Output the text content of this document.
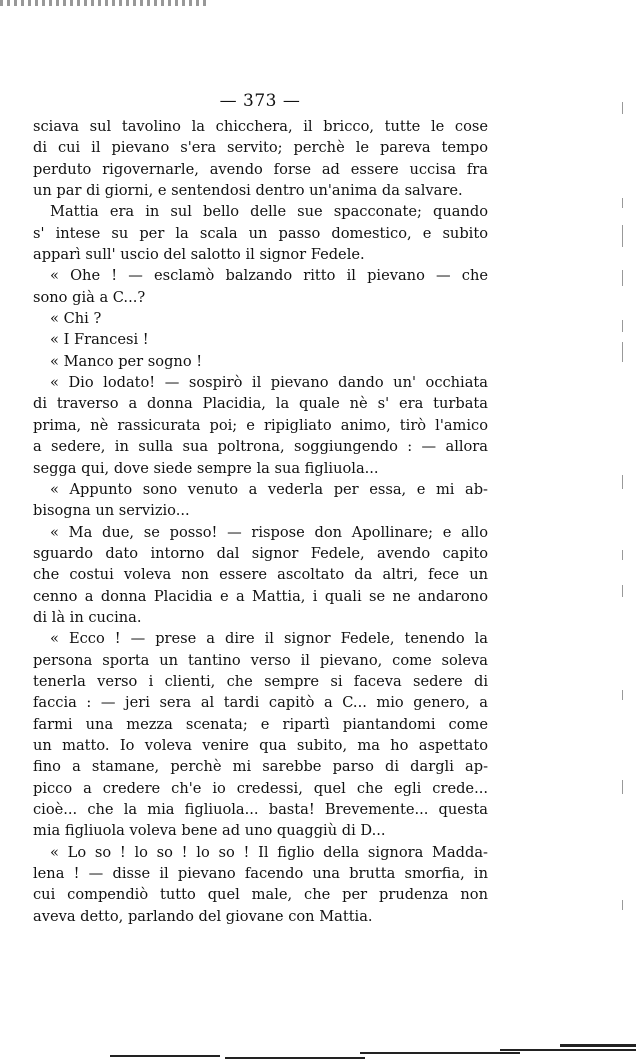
— 373 —
sciava sul tavolino la chicchera, il bricco, tutte le cose
di cui il pievano s'era servito; perchè le pareva tempo
perduto rigovernarle, avendo forse ad essere uccisa fra
un par di giorni, e sentendosi dentro un'anima da salvare.
Mattia era in sul bello delle sue spacconate; quando
s' intese su per la scala un passo domestico, e subito
apparì sull' uscio del salotto il signor Fedele.
« Ohe ! — esclamò balzando ritto il pievano — che
sono già a C...?
« Chi ?
« I Francesi !
« Manco per sogno !
« Dio lodato! — sospirò il pievano dando un' occhiata
di traverso a donna Placidia, la quale nè s' era turbata
prima, nè rassicurata poi; e ripigliato animo, tirò l'amico
a sedere, in sulla sua poltrona, soggiungendo : — allora
segga qui, dove siede sempre la sua figliuola...
« Appunto sono venuto a vederla per essa, e mi ab-
bisogna un servizio...
« Ma due, se posso! — rispose don Apollinare; e allo
sguardo dato intorno dal signor Fedele, avendo capito
che costui voleva non essere ascoltato da altri, fece un
cenno a donna Placidia e a Mattia, i quali se ne andarono
di là in cucina.
« Ecco ! — prese a dire il signor Fedele, tenendo la
persona sporta un tantino verso il pievano, come soleva
tenerla verso i clienti, che sempre si faceva sedere di
faccia : — jeri sera al tardi capitò a C... mio genero, a
farmi una mezza scenata; e ripartì piantandomi come
un matto. Io voleva venire qua subito, ma ho aspettato
fino a stamane, perchè mi sarebbe parso di dargli ap-
picco a credere ch'e io credessi, quel che egli crede...
cioè... che la mia figliuola... basta! Brevemente... questa
mia figliuola voleva bene ad uno quaggiù di D...
« Lo so ! lo so ! lo so ! Il figlio della signora Madda-
lena ! — disse il pievano facendo una brutta smorfia, in
cui compendiò tutto quel male, che per prudenza non
aveva detto, parlando del giovane con Mattia.
